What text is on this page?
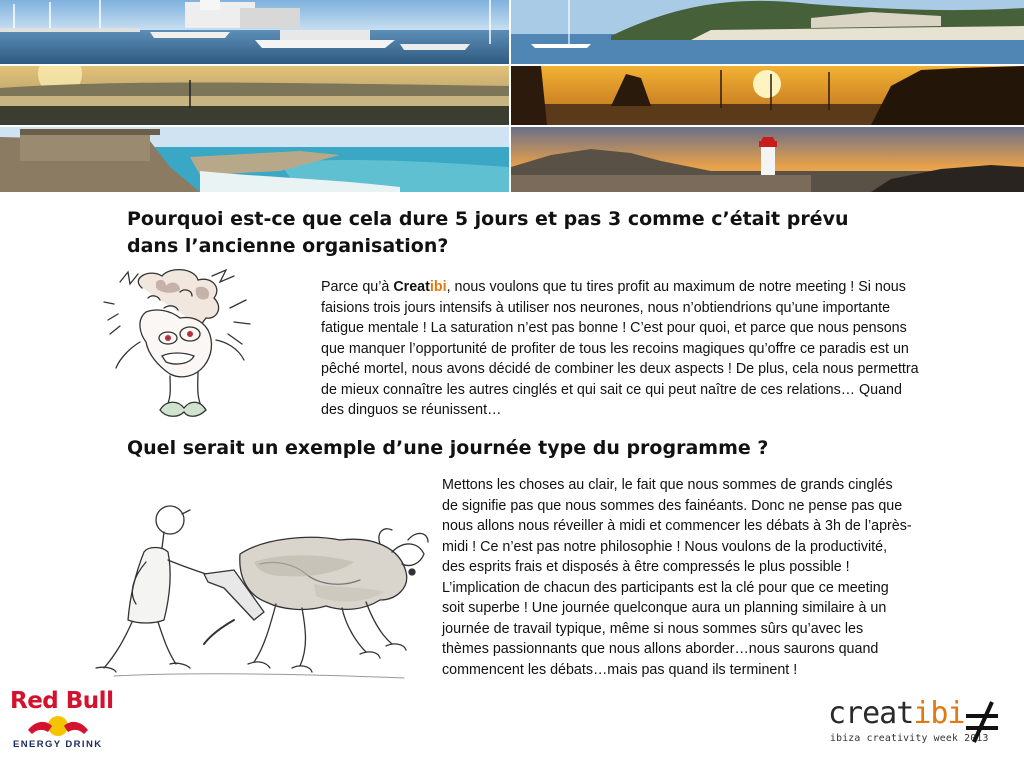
Pourquoi est-ce que cela dure 5 jours et pas 3 comme c’était prévu dans l’ancienne organisation?

Parce qu’à Creatibi, nous voulons que tu tires profit au maximum de notre meeting ! Si nous faisions trois jours intensifs à utiliser nos neurones, nous n’obtiendrions qu’une importante fatigue mentale ! La saturation n’est pas bonne ! C’est pour quoi, et parce que nous pensons que manquer l’opportunité de profiter de tous les recoins magiques qu’offre ce paradis est un pêché mortel, nous avons décidé de combiner les deux aspects ! De plus, cela nous permettra de mieux connaître les autres cinglés et qui sait ce qui peut naître de ces relations… Quand des dinguos se réunissent…

Quel serait un exemple d’une journée type du programme ?

Mettons les choses au clair, le fait que nous sommes de grands cinglés de signifie pas que nous sommes des fainéants. Donc ne pense pas que nous allons nous réveiller à midi et commencer les débats à 3h de l’après-midi ! Ce n’est pas notre philosophie ! Nous voulons de la productivité, des esprits frais et disposés à être compressés le plus possible ! L’implication de chacun des participants est la clé pour que ce meeting soit superbe ! Une journée quelconque aura un planning similaire à un journée de travail typique, même si nous sommes sûrs qu’avec les thèmes passionnants que nous allons aborder…nous saurons quand commencent les débats…mais pas quand ils terminent !

Red Bull
ENERGY DRINK
creatibi
ibiza creativity week 2013
